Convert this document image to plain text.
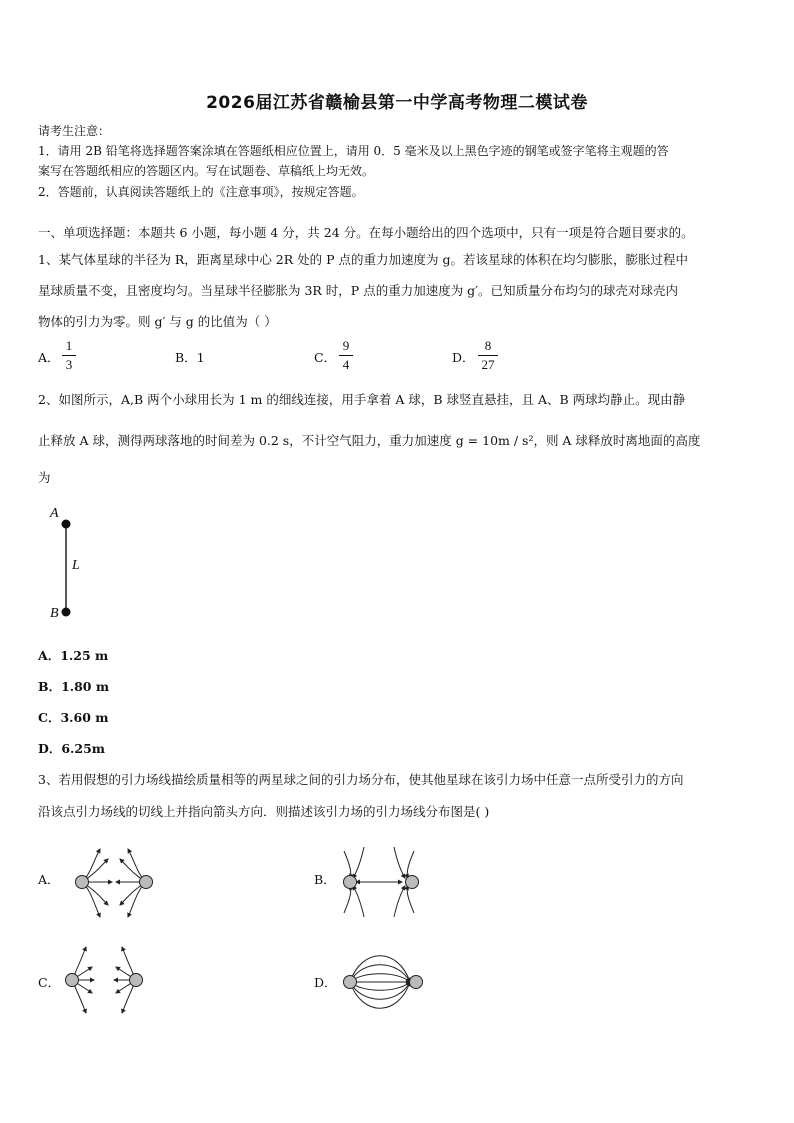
2026届江苏省赣榆县第一中学高考物理二模试卷
请考生注意：
1．请用 2B 铅笔将选择题答案涂填在答题纸相应位置上，请用 0．5 毫米及以上黑色字迹的钢笔或签字笔将主观题的答
案写在答题纸相应的答题区内。写在试题卷、草稿纸上均无效。
2．答题前，认真阅读答题纸上的《注意事项》，按规定答题。
一、单项选择题：本题共 6 小题，每小题 4 分，共 24 分。在每小题给出的四个选项中，只有一项是符合题目要求的。
1、某气体星球的半径为 R，距离星球中心 2R 处的 P 点的重力加速度为 g。若该星球的体积在均匀膨胀，膨胀过程中
星球质量不变，且密度均匀。当星球半径膨胀为 3R 时，P 点的重力加速度为 g′。已知质量分布均匀的球壳对球壳内
物体的引力为零。则 g′ 与 g 的比值为（ ）
A．
1
3	B．1	C．
9
4	D．
8
27
2、如图所示，A,B 两个小球用长为 1 m 的细线连接，用手拿着 A 球，B 球竖直悬挂，且 A、B 两球均静止。现由静
止释放 A 球，测得两球落地的时间差为 0.2 s，不计空气阻力，重力加速度 g = 10m / s²，则 A 球释放时离地面的高度
为
A
L
B
A．1.25 m
B．1.80 m
C．3.60 m
D．6.25m
3、若用假想的引力场线描绘质量相等的两星球之间的引力场分布，使其他星球在该引力场中任意一点所受引力的方向
沿该点引力场线的切线上并指向箭头方向．则描述该引力场的引力场线分布图是( )
A．	B．
C．	D．
